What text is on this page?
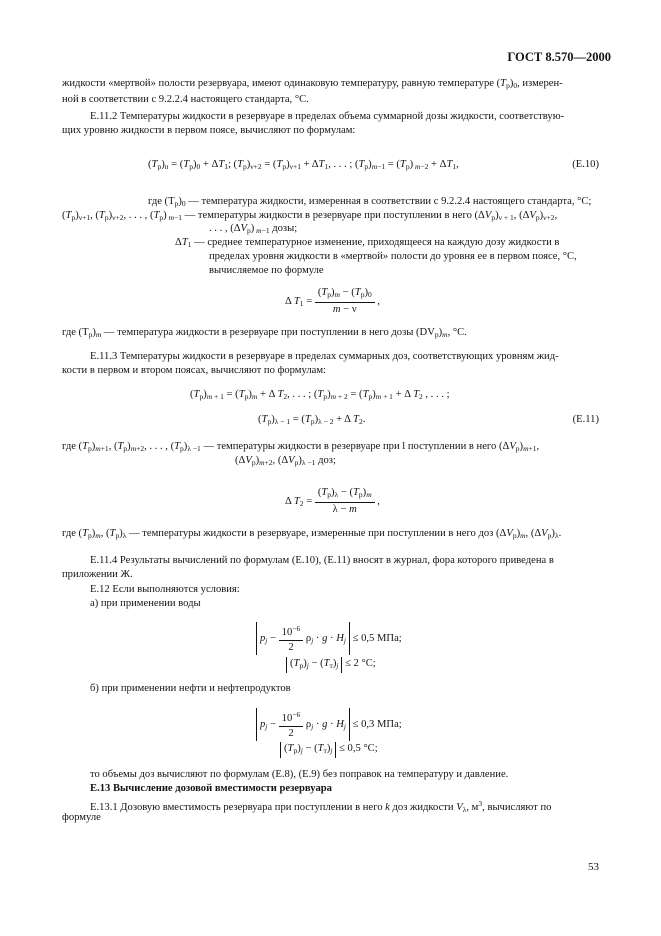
ГОСТ 8.570—2000
жидкости «мертвой» полости резервуара, имеют одинаковую температуру, равную температуре $(T_р)_0$, измерен-
ной в соответствии с 9.2.2.4 настоящего стандарта, °С.
Е.11.2 Температуры жидкости в резервуаре в пределах объема суммарной дозы жидкости, соответствую-
щих уровню жидкости в первом поясе, вычисляют по формулам:
$(T_р)_n = (T_р)_0 + \Delta T_1$; $(T_р)_{\nu+2} = (T_р)_{\nu+1} + \Delta T_1$, . . . ; $(T_р)_{m-1} = (T_р) _{m-2} + \Delta T_1$,	(Е.10)
где $(T_р)_0$ — температура жидкости, измеренная в соответствии с 9.2.2.4 настоящего стандарта, °С;
$(T_р)_{\nu+1}$, $(T_р)_{\nu+2}$, . . . , $(T_р)$ $_{m-1}$ — температуры жидкости в резервуаре при поступлении в него $(\Delta V_р)_{\nu + 1}$, $(\Delta V_р)_{\nu+2}$,
. . . , $(\Delta V_р)$ $_{m-1}$ дозы;
$\Delta T_1$ — среднее температурное изменение, приходящееся на каждую дозу жидкости в
пределах уровня жидкости в «мертвой» полости до уровня ее в первом поясе, °С,
вычисляемое по формуле
Δ $T_1 = \frac{(T_р)_m - (T_р)_0}{m - \nu}$ ,
где $(T_р)_m$ — температура жидкости в резервуаре при поступлении в него дозы $(DV_р)_m$, °С.
Е.11.3 Температуры жидкости в резервуаре в пределах суммарных доз, соответствующих уровням жид-
кости в первом и втором поясах, вычисляют по формулам:
$(T_р)_{m + 1} = (T_р)_m + \Delta$ $T_2$, . . . ; $(T_р)_{m + 2} = (T_р)_{m + 1} + \Delta$ $T_2$ , . . . ;
$(T_р)_{\lambda - 1} = (T_р)_{\lambda - 2} + \Delta$ $T_2$.	(Е.11)
где $(T_р)_{m+1}$, $(T_р)_{m+2}$, . . . , $(T_р)_{\lambda -1}$ — температуры жидкости в резервуаре при l поступлении в него $(\Delta V_р)_{m+1}$,
$(\Delta V_р)_{m+2}$, $(\Delta V_р)_{\lambda -1}$ доз;
Δ $T_2 = \frac{(T_р)_\lambda - (T_р)_m}{\lambda - m}$ ,
где $(T_р)_m$, $(T_р)_\lambda$ — температуры жидкости в резервуаре, измеренные при поступлении в него доз $(\Delta V_р)_m$, $(\Delta V_р)_\lambda$.
Е.11.4 Результаты вычислений по формулам (Е.10), (Е.11) вносят в журнал, фора которого приведена в
приложении Ж.
Е.12 Если выполняются условия:
а) при применении воды
$p_j - \frac{10^{-6}}{2} \rho_j \cdot g \cdot H_j \le 0,5$ МПа;
$(T_р)_j - (T_т)_j \le 2$ °С;
б) при применении нефти и нефтепродуктов
$p_j - \frac{10^{-6}}{2} \rho_j \cdot g \cdot H_j \le 0,3$ МПа;
$(T_р)_j - (T_т)_j \le 0,5$ °С;
то объемы доз вычисляют по формулам (Е.8), (Е.9) без поправок на температуру и давление.
Е.13 Вычисление дозовой вместимости резервуара
Е.13.1 Дозовую вместимость резервуара при поступлении в него k доз жидкости $V_\lambda$, $м^3$, вычисляют по
формуле
53
